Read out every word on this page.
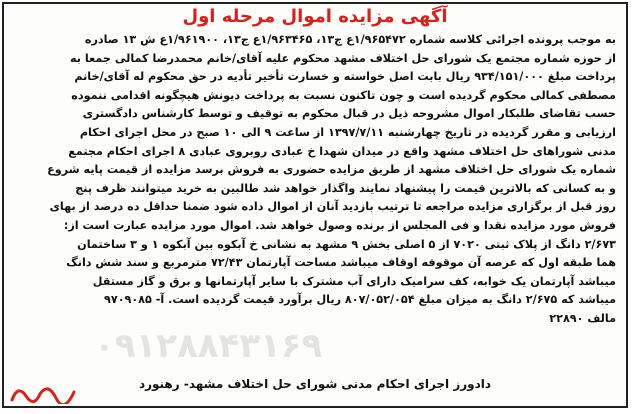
آگهی مزایده اموال مرحله اول
به موجب پرونده اجرائی کلاسه شماره ۱/۹۶۵۴۷۲ع ج۱۳، ۱/۹۶۳۴۶۵ع ج۱۳، ۱/۹۶۱۹۰۰ع ش ۱۳ صادره
از حوزه شماره مجتمع یک شورای حل اختلاف مشهد محکوم علیه آقای/خانم محمدرضا کمالی جمعا به
پرداخت مبلغ ۹۳۴/۱۵۱/۰۰۰ ریال بابت اصل خواسته و خسارت تأخیر تأدیه در حق محکوم له آقای/خانم
مصطفی کمالی محکوم گردیده است و چون تاکنون نسبت به پرداخت دیونش هیچگونه اقدامی ننموده
حسب تقاضای طلبکار اموال مشروحه ذیل در قبال محکوم به توقیف و توسط کارشناس دادگستری
ارزیابی و مقرر گردیده در تاریخ چهارشنبه ۱۳۹۷/۷/۱۱ از ساعت ۹ الی ۱۰ صبح در محل اجرای احکام
مدنی شوراهای حل اختلاف مشهد واقع در میدان شهدا خ عبادی روبروی عبادی ۸ اجرای احکام مجتمع
شماره یک شورای حل اختلاف مشهد از طریق مزایده حضوری به فروش برسد مزایده از قیمت پایه شروع
و به کسانی که بالاترین قیمت را پیشنهاد نمایند واگذار خواهد شد طالبین به خرید میتوانند ظرف پنج
روز قبل از برگزاری مزایده مراجعه تا ترتیب بازدید آنان از اموال داده شود ضمنا حداقل ده درصد از بهای
فروش مورد مزایده نقدا و فی المجلس از برنده وصول خواهد شد. اموال مورد مزایده عبارت است از:
۲/۶۷۳ دانگ از پلاک ثبتی ۷۰۲۰ از ۵ اصلی بخش ۹ مشهد به نشانی خ آبکوه بین آبکوه ۱ و ۳ ساختمان
هما طبقه اول که عرصه آن موقوفه اوقاف میباشد مساحت آپارتمان ۷۲/۴۳ مترمربع و سند شش دانگ
میباشد آپارتمان یک خوابه، کف سرامیک دارای آب مشترک با سایر آپارتمانها و برق و گاز مستقل
میباشد که ۲/۶۷۵ دانگ به میزان مبلغ ۸۰۷/۰۵۲/۰۵۴ ریال برآورد قیمت گردیده است. آ- ۹۷۰۹۰۸۵
مالف ۲۲۸۹۰
۰۹۱۲۸۸۴۳۱۶۹
دادورز اجرای احکام مدنی شورای حل اختلاف مشهد- رهنورد
